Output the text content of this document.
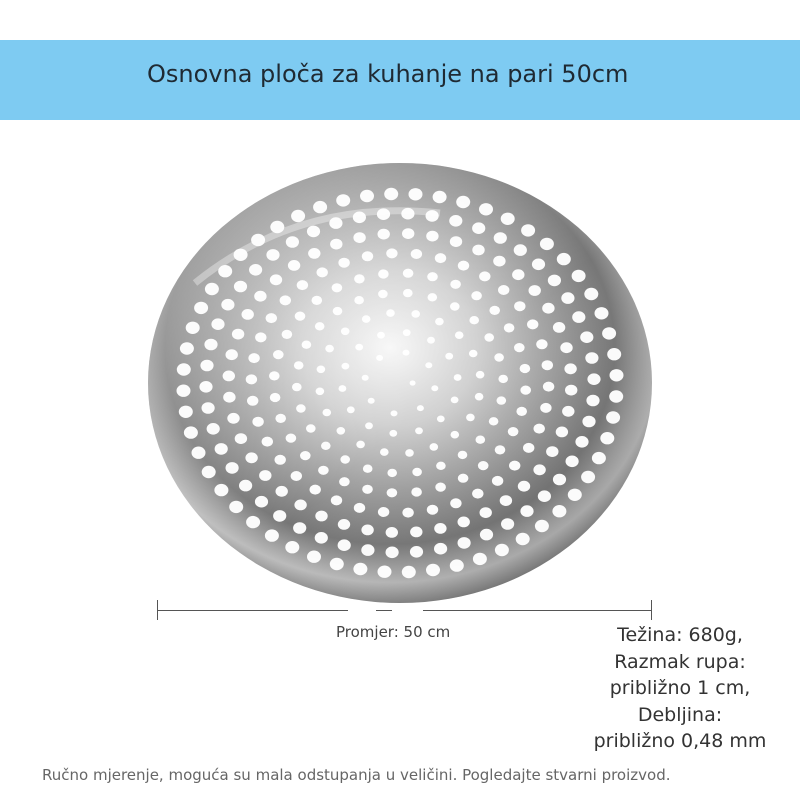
Osnovna ploča za kuhanje na pari 50cm
Promjer: 50 cm	Težina: 680g,
Razmak rupa:
približno 1 cm,
Debljina:
približno 0,48 mm
Ručno mjerenje, moguća su mala odstupanja u veličini. Pogledajte stvarni proizvod.
